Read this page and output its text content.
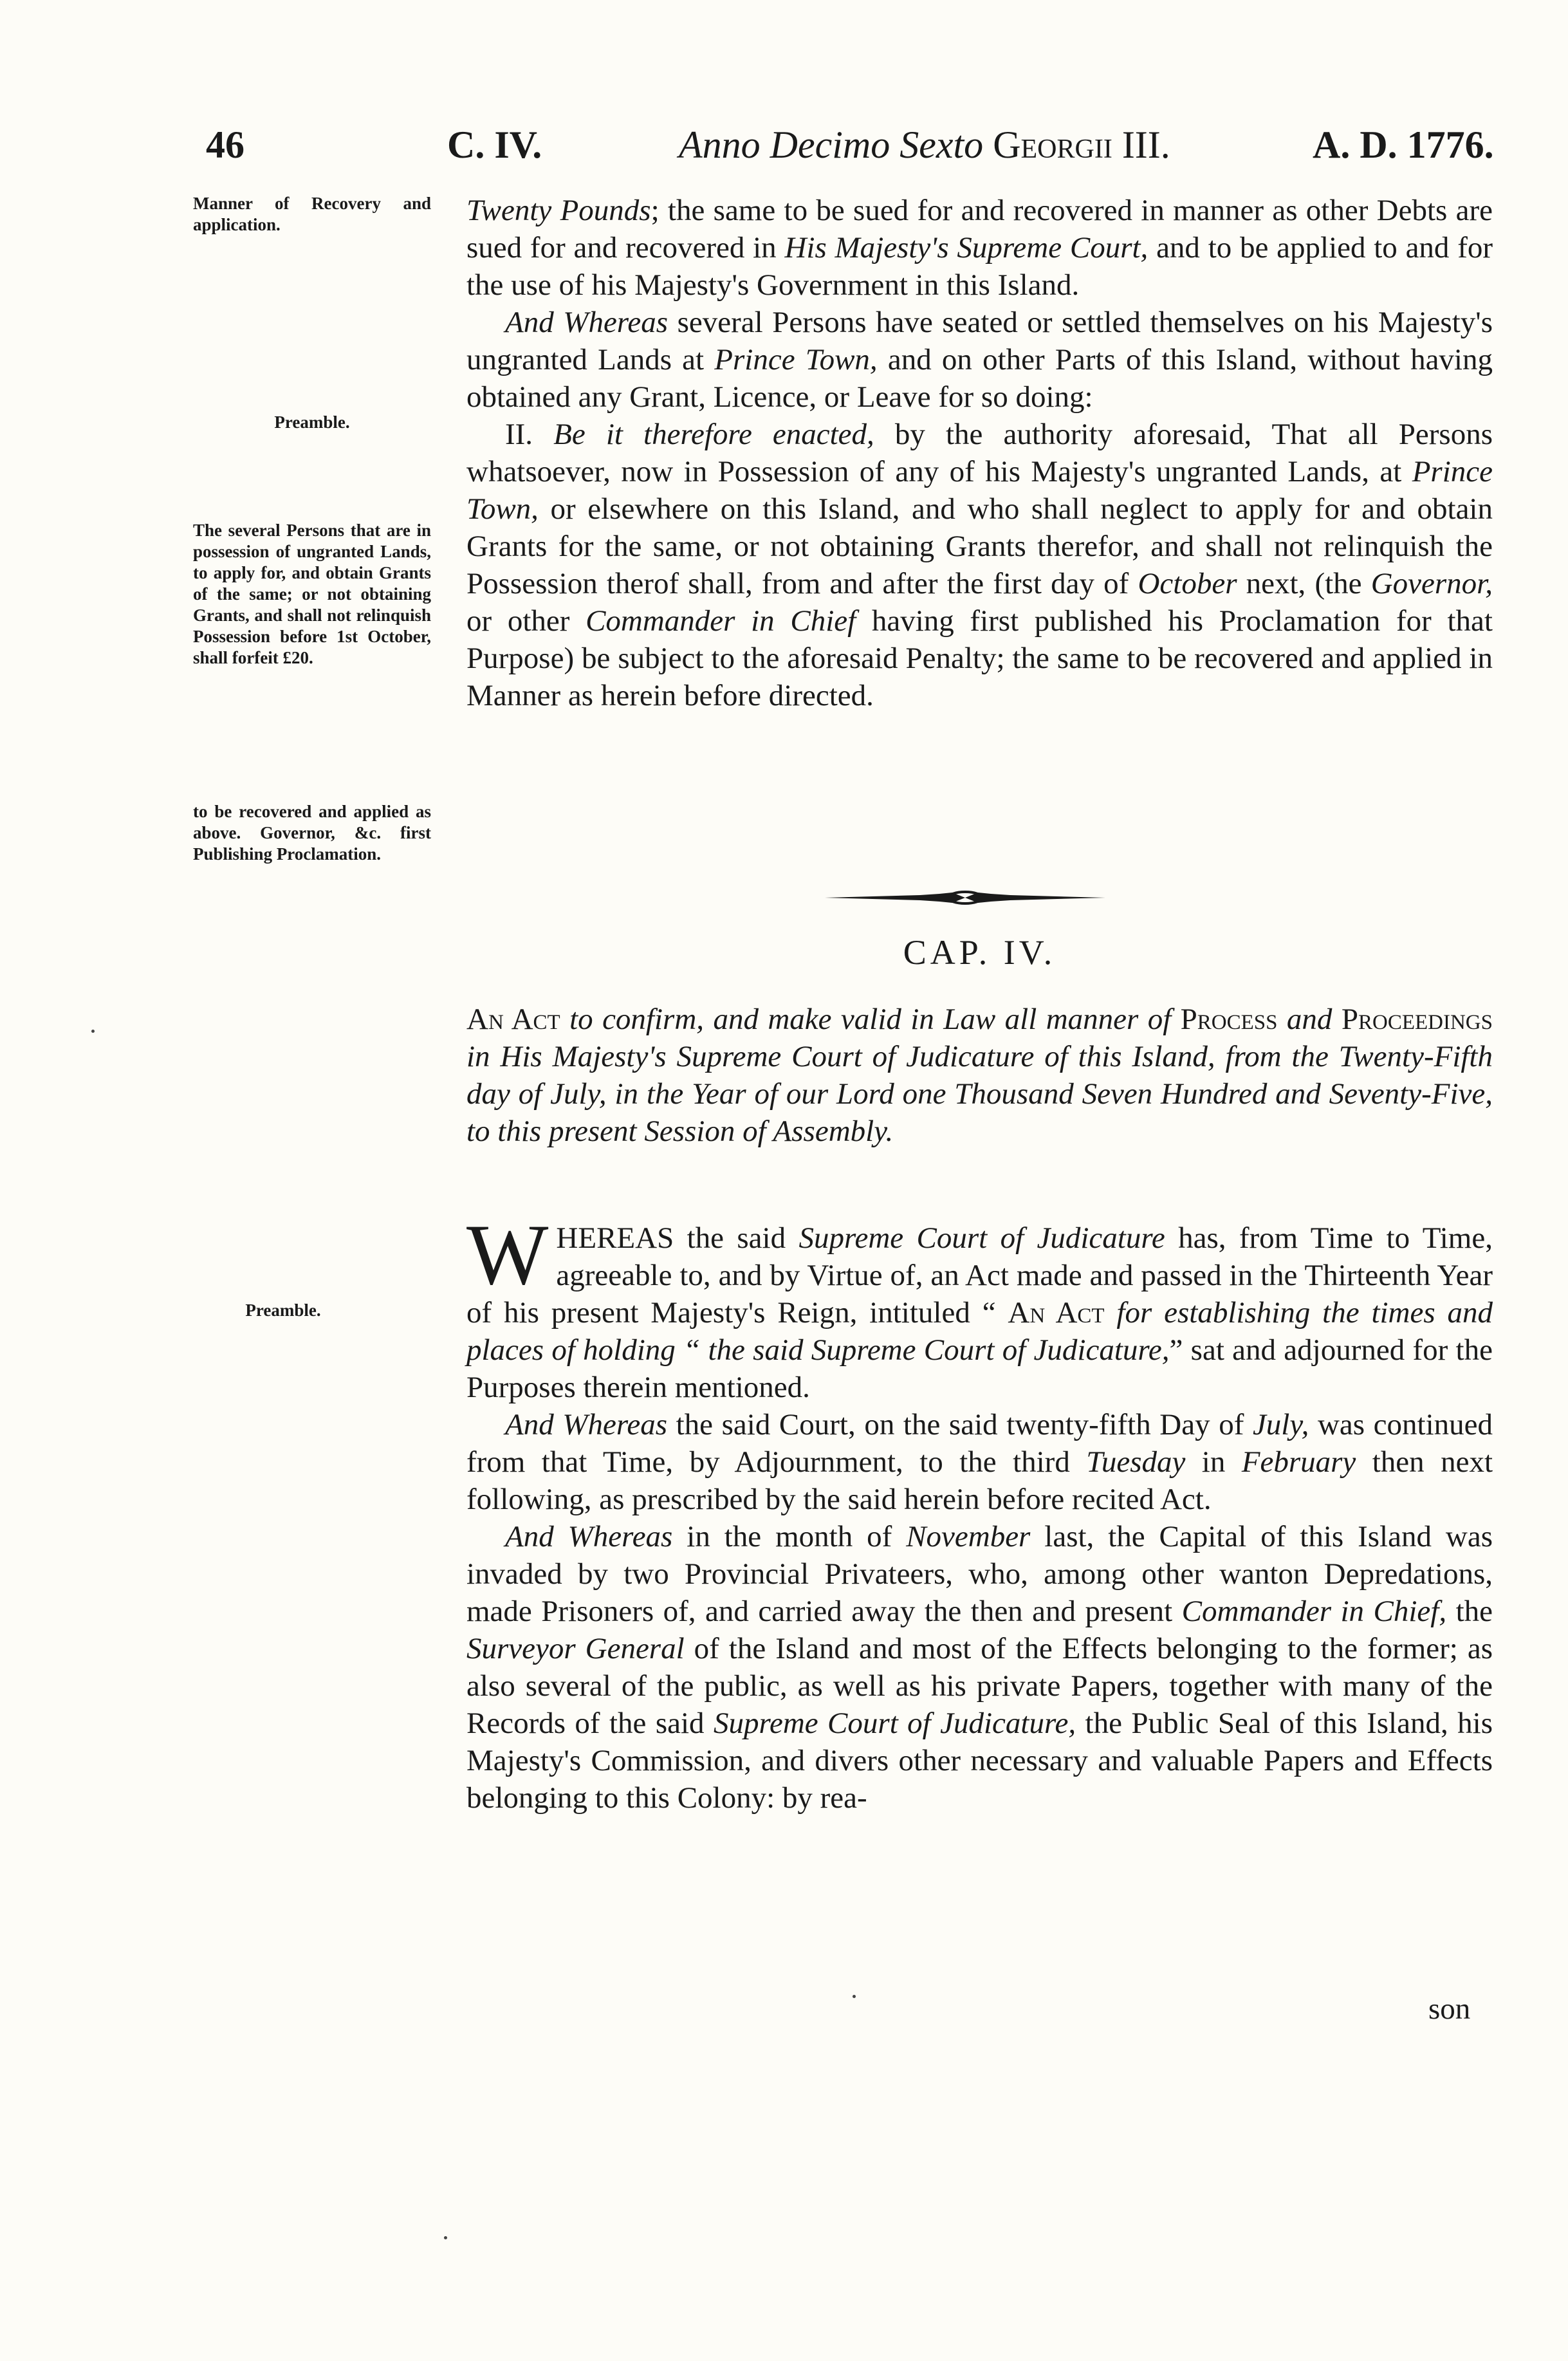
46	C. IV.	Anno Decimo Sexto Georgii III.	A. D. 1776.
Manner of Recovery and application.
Preamble.
The several Persons that are in possession of ungranted Lands, to apply for, and obtain Grants of the same; or not obtaining Grants, and shall not relinquish Possession before 1st October, shall forfeit £20.
to be recovered and applied as above. Governor, &c. first Publishing Proclamation.
Preamble.

Twenty Pounds; the same to be sued for and recovered in manner as other Debts are sued for and recovered in His Majesty's Supreme Court, and to be applied to and for the use of his Majesty's Government in this Island.

And Whereas several Persons have seated or settled themselves on his Majesty's ungranted Lands at Prince Town, and on other Parts of this Island, without having obtained any Grant, Licence, or Leave for so doing:

II. Be it therefore enacted, by the authority aforesaid, That all Persons whatsoever, now in Possession of any of his Majesty's ungranted Lands, at Prince Town, or elsewhere on this Island, and who shall neglect to apply for and obtain Grants for the same, or not obtaining Grants therefor, and shall not relinquish the Possession therof shall, from and after the first day of October next, (the Governor, or other Commander in Chief having first published his Proclamation for that Purpose) be subject to the aforesaid Penalty; the same to be recovered and applied in Manner as herein before directed.

CAP. IV.
An Act to confirm, and make valid in Law all manner of Process and Proceedings in His Majesty's Supreme Court of Judicature of this Island, from the Twenty-Fifth day of July, in the Year of our Lord one Thousand Seven Hundred and Seventy-Five, to this present Session of Assembly.

WHEREAS the said Supreme Court of Judicature has, from Time to Time, agreeable to, and by Virtue of, an Act made and passed in the Thirteenth Year of his present Majesty's Reign, intituled “ An Act for establishing the times and places of holding “ the said Supreme Court of Judicature,” sat and adjourned for the Purposes therein mentioned.

And Whereas the said Court, on the said twenty-fifth Day of July, was continued from that Time, by Adjournment, to the third Tuesday in February then next following, as prescribed by the said herein before recited Act.

And Whereas in the month of November last, the Capital of this Island was invaded by two Provincial Privateers, who, among other wanton Depredations, made Prisoners of, and carried away the then and present Commander in Chief, the Surveyor General of the Island and most of the Effects belonging to the former; as also several of the public, as well as his private Papers, together with many of the Records of the said Supreme Court of Judicature, the Public Seal of this Island, his Majesty's Commission, and divers other necessary and valuable Papers and Effects belonging to this Colony: by rea-

son
